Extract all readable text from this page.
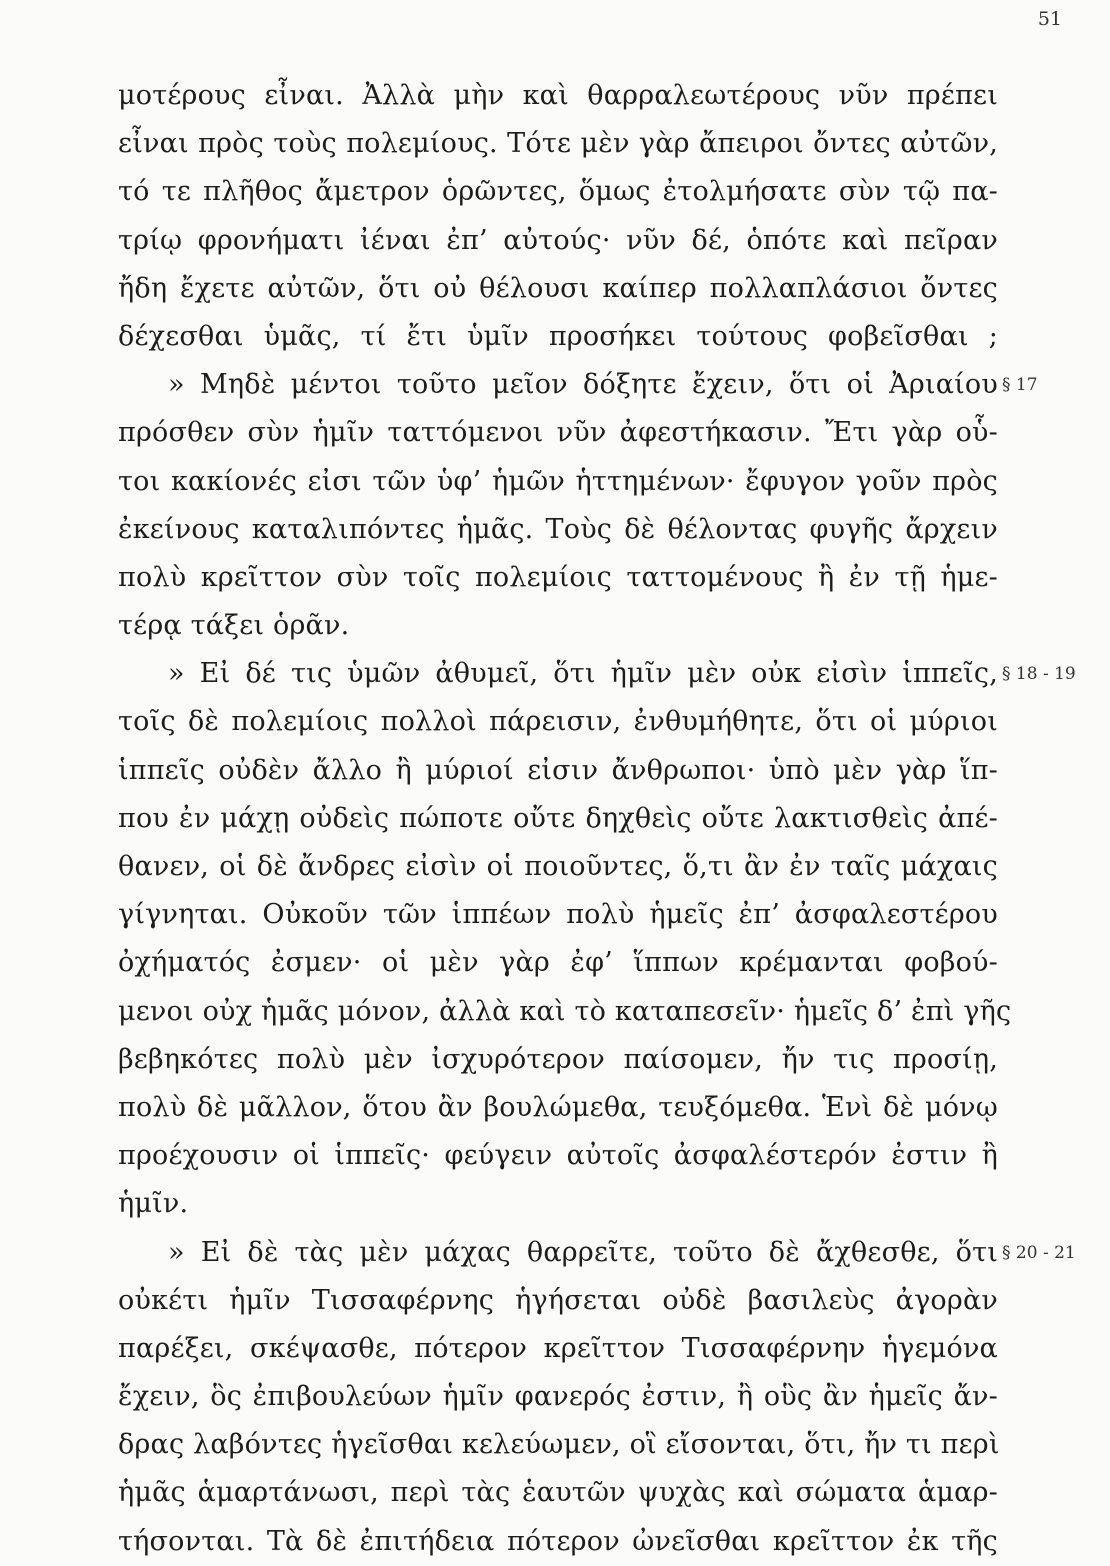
51
μοτέρους εἶναι. Ἀλλὰ μὴν καὶ θαρραλεωτέρους νῦν πρέπει
εἶναι πρὸς τοὺς πολεμίους. Τότε μὲν γὰρ ἄπειροι ὄντες αὐτῶν,
τό τε πλῆθος ἄμετρον ὁρῶντες, ὅμως ἐτολμήσατε σὺν τῷ πα-
τρίῳ φρονήματι ἰέναι ἐπ’ αὐτούς· νῦν δέ, ὁπότε καὶ πεῖραν
ἤδη ἔχετε αὐτῶν, ὅτι οὐ θέλουσι καίπερ πολλαπλάσιοι ὄντες
δέχεσθαι ὑμᾶς, τί ἔτι ὑμῖν προσήκει τούτους φοβεῖσθαι ;
» Μηδὲ μέντοι τοῦτο μεῖον δόξητε ἔχειν, ὅτι οἱ Ἀριαίου
πρόσθεν σὺν ἡμῖν ταττόμενοι νῦν ἀφεστήκασιν. Ἔτι γὰρ οὗ-
τοι κακίονές εἰσι τῶν ὑφ’ ἡμῶν ἡττημένων· ἔφυγον γοῦν πρὸς
ἐκείνους καταλιπόντες ἡμᾶς. Τοὺς δὲ θέλοντας φυγῆς ἄρχειν
πολὺ κρεῖττον σὺν τοῖς πολεμίοις ταττομένους ἢ ἐν τῇ ἡμε-
τέρᾳ τάξει ὁρᾶν.
» Εἰ δέ τις ὑμῶν ἀθυμεῖ, ὅτι ἡμῖν μὲν οὐκ εἰσὶν ἱππεῖς,
τοῖς δὲ πολεμίοις πολλοὶ πάρεισιν, ἐνθυμήθητε, ὅτι οἱ μύριοι
ἱππεῖς οὐδὲν ἄλλο ἢ μύριοί εἰσιν ἄνθρωποι· ὑπὸ μὲν γὰρ ἵπ-
που ἐν μάχῃ οὐδεὶς πώποτε οὔτε δηχθεὶς οὔτε λακτισθεὶς ἀπέ-
θανεν, οἱ δὲ ἄνδρες εἰσὶν οἱ ποιοῦντες, ὅ,τι ἂν ἐν ταῖς μάχαις
γίγνηται. Οὐκοῦν τῶν ἱππέων πολὺ ἡμεῖς ἐπ’ ἀσφαλεστέρου
ὀχήματός ἐσμεν· οἱ μὲν γὰρ ἐφ’ ἵππων κρέμανται φοβού-
μενοι οὐχ ἡμᾶς μόνον, ἀλλὰ καὶ τὸ καταπεσεῖν· ἡμεῖς δ’ ἐπὶ γῆς
βεβηκότες πολὺ μὲν ἰσχυρότερον παίσομεν, ἤν τις προσίῃ,
πολὺ δὲ μᾶλλον, ὅτου ἂν βουλώμεθα, τευξόμεθα. Ἑνὶ δὲ μόνῳ
προέχουσιν οἱ ἱππεῖς· φεύγειν αὐτοῖς ἀσφαλέστερόν ἐστιν ἢ
ἡμῖν.
» Εἰ δὲ τὰς μὲν μάχας θαρρεῖτε, τοῦτο δὲ ἄχθεσθε, ὅτι
οὐκέτι ἡμῖν Τισσαφέρνης ἡγήσεται οὐδὲ βασιλεὺς ἀγορὰν
παρέξει, σκέψασθε, πότερον κρεῖττον Τισσαφέρνην ἡγεμόνα
ἔχειν, ὃς ἐπιβουλεύων ἡμῖν φανερός ἐστιν, ἢ οὓς ἂν ἡμεῖς ἄν-
δρας λαβόντες ἡγεῖσθαι κελεύωμεν, οἳ εἴσονται, ὅτι, ἤν τι περὶ
ἡμᾶς ἁμαρτάνωσι, περὶ τὰς ἑαυτῶν ψυχὰς καὶ σώματα ἁμαρ-
τήσονται. Τὰ δὲ ἐπιτήδεια πότερον ὠνεῖσθαι κρεῖττον ἐκ τῆς
§ 17
§ 18 - 19
§ 20 - 21
